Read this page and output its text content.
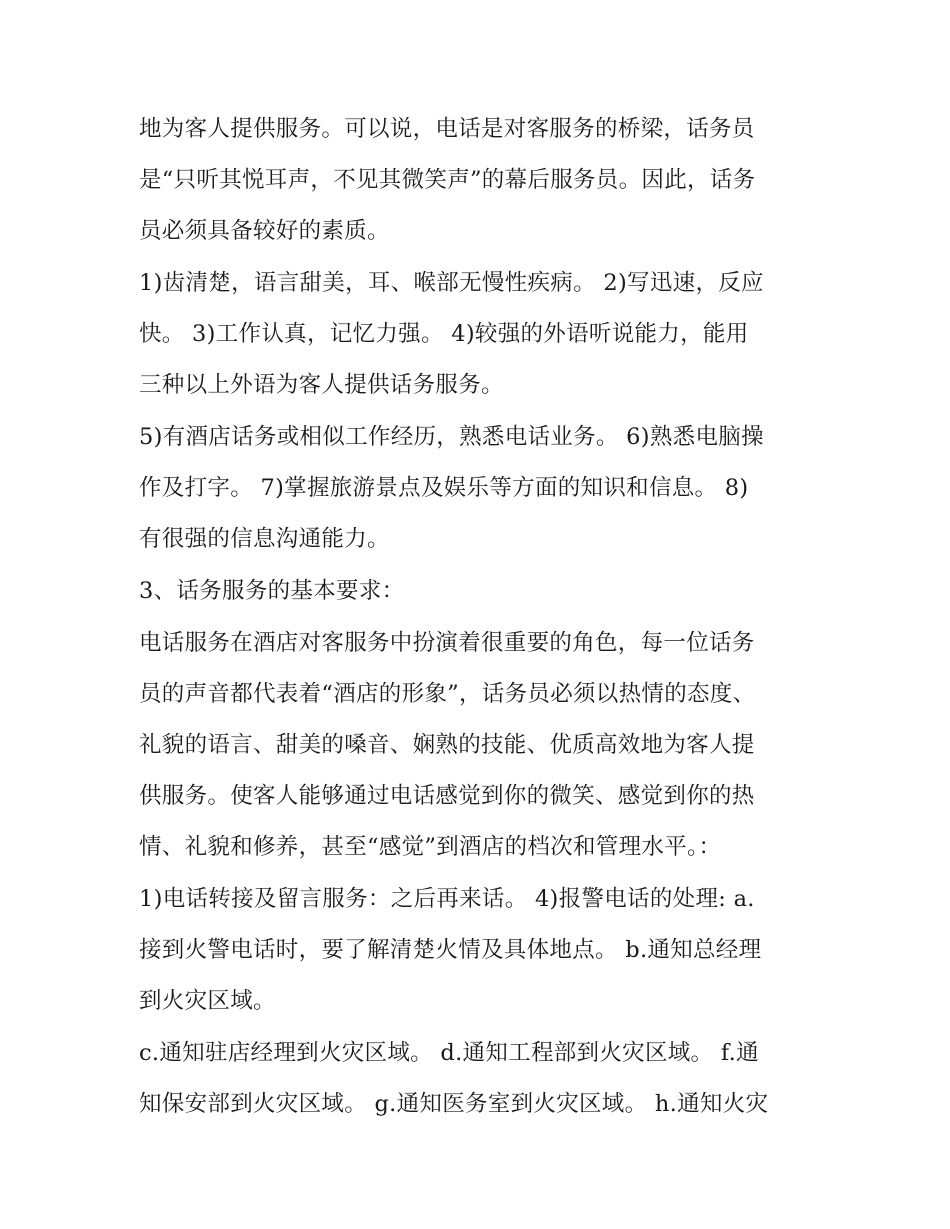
地为客人提供服务。可以说，电话是对客服务的桥梁，话务员
是“只听其悦耳声，不见其微笑声”的幕后服务员。因此，话务
员必须具备较好的素质。

1)齿清楚，语言甜美，耳、喉部无慢性疾病。 2)写迅速，反应
快。 3)工作认真，记忆力强。 4)较强的外语听说能力，能用
三种以上外语为客人提供话务服务。

5)有酒店话务或相似工作经历，熟悉电话业务。 6)熟悉电脑操
作及打字。 7)掌握旅游景点及娱乐等方面的知识和信息。 8)
有很强的信息沟通能力。

3、话务服务的基本要求：

电话服务在酒店对客服务中扮演着很重要的角色，每一位话务
员的声音都代表着“酒店的形象”，话务员必须以热情的态度、
礼貌的语言、甜美的嗓音、娴熟的技能、优质高效地为客人提
供服务。使客人能够通过电话感觉到你的微笑、感觉到你的热
情、礼貌和修养，甚至“感觉”到酒店的档次和管理水平。：

1)电话转接及留言服务：之后再来话。 4)报警电话的处理: a.
接到火警电话时，要了解清楚火情及具体地点。 b.通知总经理
到火灾区域。

c.通知驻店经理到火灾区域。 d.通知工程部到火灾区域。 f.通
知保安部到火灾区域。 g.通知医务室到火灾区域。 h.通知火灾
